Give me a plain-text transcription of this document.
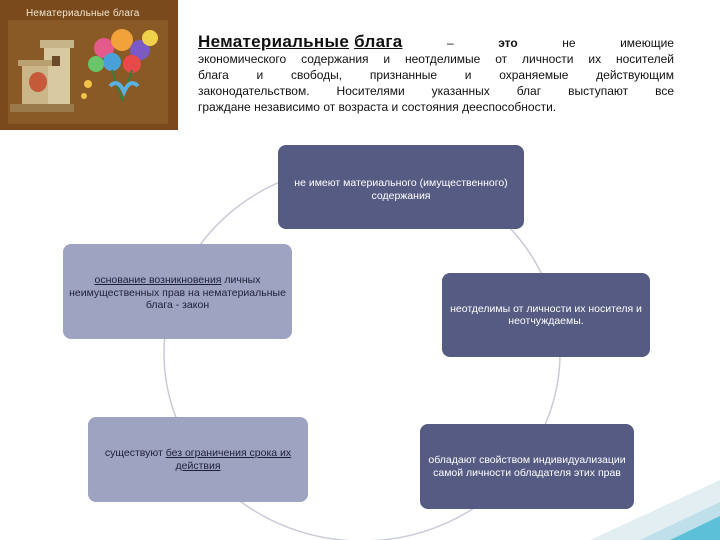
Нематериальные блага
Нематериальные блага	–	это	не	имеющие
экономического содержания и неотделимые от личности их носителей
блага и свободы, признанные и охраняемые действующим
законодательством. Носителями указанных благ выступают все
граждане независимо от возраста и состояния дееспособности.
не имеют материального (имущественного) содержания
основание возникновения личных неимущественных прав на нематериальные блага - закон	неотделимы от личности их носителя и неотчуждаемы.
существуют без ограничения срока их действия	обладают свойством индивидуализации самой личности обладателя этих прав
